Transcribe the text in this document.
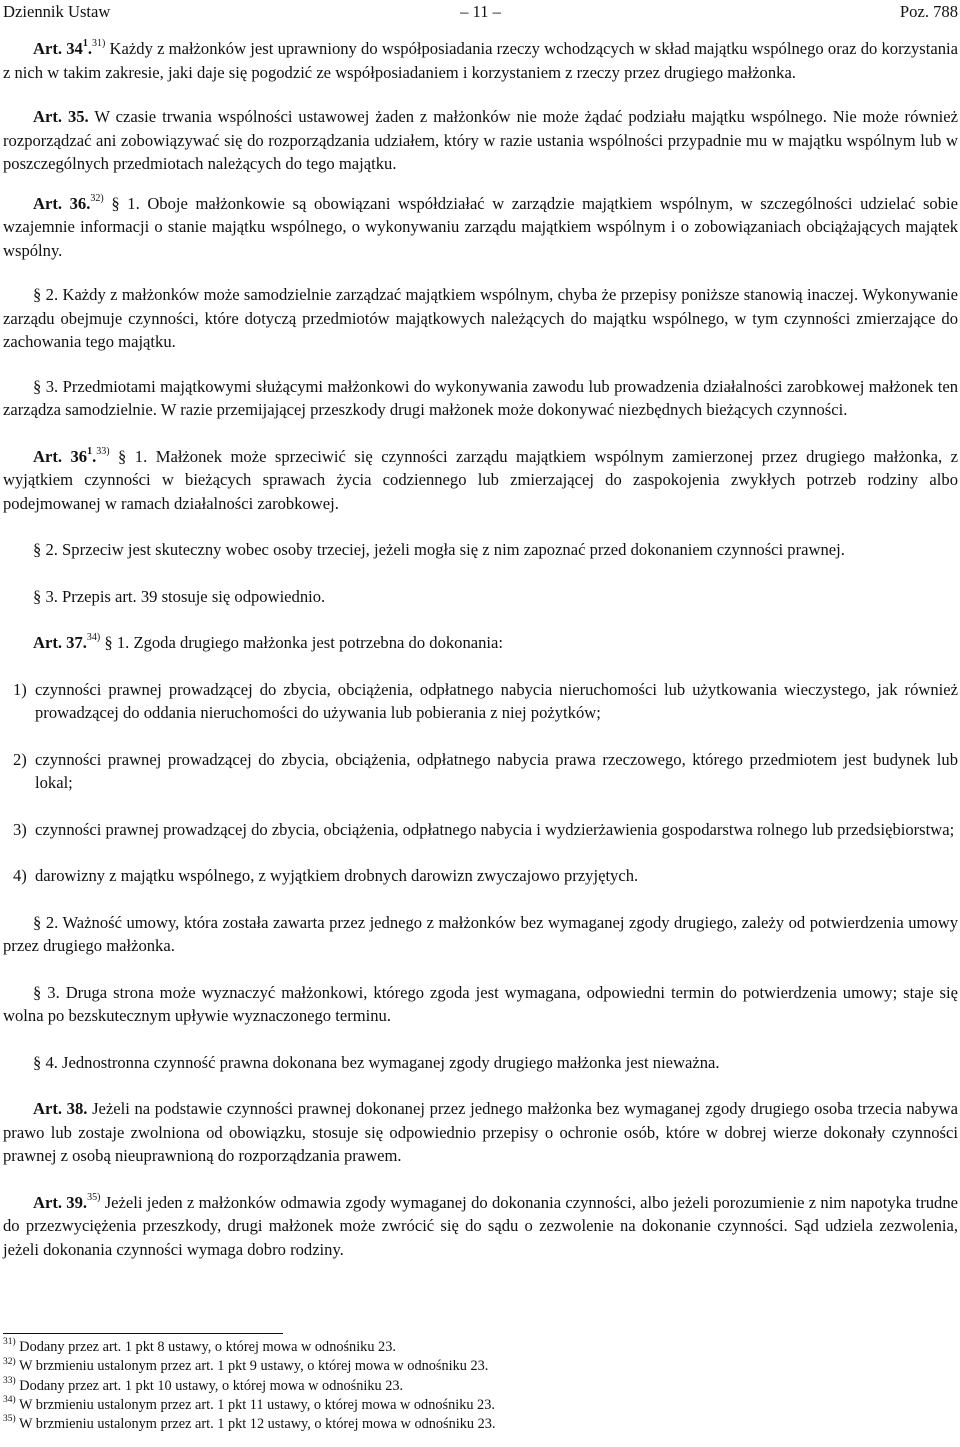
Dziennik Ustaw	– 11 –	Poz. 788

Art. $34^1.^{31)}$ Każdy z małżonków jest uprawniony do współposiadania rzeczy wchodzących w skład majątku wspólnego oraz do korzystania z nich w takim zakresie, jaki daje się pogodzić ze współposiadaniem i korzystaniem z rzeczy przez drugiego małżonka.

Art. 35. W czasie trwania wspólności ustawowej żaden z małżonków nie może żądać podziału majątku wspólnego. Nie może również rozporządzać ani zobowiązywać się do rozporządzania udziałem, który w razie ustania wspólności przypadnie mu w majątku wspólnym lub w poszczególnych przedmiotach należących do tego majątku.

Art. 36.$^{32)}$ § 1. Oboje małżonkowie są obowiązani współdziałać w zarządzie majątkiem wspólnym, w szczególności udzielać sobie wzajemnie informacji o stanie majątku wspólnego, o wykonywaniu zarządu majątkiem wspólnym i o zobowiązaniach obciążających majątek wspólny.

§ 2. Każdy z małżonków może samodzielnie zarządzać majątkiem wspólnym, chyba że przepisy poniższe stanowią inaczej. Wykonywanie zarządu obejmuje czynności, które dotyczą przedmiotów majątkowych należących do majątku wspólnego, w tym czynności zmierzające do zachowania tego majątku.

§ 3. Przedmiotami majątkowymi służącymi małżonkowi do wykonywania zawodu lub prowadzenia działalności zarobkowej małżonek ten zarządza samodzielnie. W razie przemijającej przeszkody drugi małżonek może dokonywać niezbędnych bieżących czynności.

Art. $36^1.^{33)}$ § 1. Małżonek może sprzeciwić się czynności zarządu majątkiem wspólnym zamierzonej przez drugiego małżonka, z wyjątkiem czynności w bieżących sprawach życia codziennego lub zmierzającej do zaspokojenia zwykłych potrzeb rodziny albo podejmowanej w ramach działalności zarobkowej.

§ 2. Sprzeciw jest skuteczny wobec osoby trzeciej, jeżeli mogła się z nim zapoznać przed dokonaniem czynności prawnej.

§ 3. Przepis art. 39 stosuje się odpowiednio.

Art. 37.$^{34)}$ § 1. Zgoda drugiego małżonka jest potrzebna do dokonania:

1) czynności prawnej prowadzącej do zbycia, obciążenia, odpłatnego nabycia nieruchomości lub użytkowania wieczystego, jak również prowadzącej do oddania nieruchomości do używania lub pobierania z niej pożytków;

2) czynności prawnej prowadzącej do zbycia, obciążenia, odpłatnego nabycia prawa rzeczowego, którego przedmiotem jest budynek lub lokal;

3) czynności prawnej prowadzącej do zbycia, obciążenia, odpłatnego nabycia i wydzierżawienia gospodarstwa rolnego lub przedsiębiorstwa;

4) darowizny z majątku wspólnego, z wyjątkiem drobnych darowizn zwyczajowo przyjętych.

§ 2. Ważność umowy, która została zawarta przez jednego z małżonków bez wymaganej zgody drugiego, zależy od potwierdzenia umowy przez drugiego małżonka.

§ 3. Druga strona może wyznaczyć małżonkowi, którego zgoda jest wymagana, odpowiedni termin do potwierdzenia umowy; staje się wolna po bezskutecznym upływie wyznaczonego terminu.

§ 4. Jednostronna czynność prawna dokonana bez wymaganej zgody drugiego małżonka jest nieważna.

Art. 38. Jeżeli na podstawie czynności prawnej dokonanej przez jednego małżonka bez wymaganej zgody drugiego osoba trzecia nabywa prawo lub zostaje zwolniona od obowiązku, stosuje się odpowiednio przepisy o ochronie osób, które w dobrej wierze dokonały czynności prawnej z osobą nieuprawnioną do rozporządzania prawem.

Art. 39.$^{35)}$ Jeżeli jeden z małżonków odmawia zgody wymaganej do dokonania czynności, albo jeżeli porozumienie z nim napotyka trudne do przezwyciężenia przeszkody, drugi małżonek może zwrócić się do sądu o zezwolenie na dokonanie czynności. Sąd udziela zezwolenia, jeżeli dokonania czynności wymaga dobro rodziny.

$^{31)}$ Dodany przez art. 1 pkt 8 ustawy, o której mowa w odnośniku 23.

$^{32)}$ W brzmieniu ustalonym przez art. 1 pkt 9 ustawy, o której mowa w odnośniku 23.

$^{33)}$ Dodany przez art. 1 pkt 10 ustawy, o której mowa w odnośniku 23.

$^{34)}$ W brzmieniu ustalonym przez art. 1 pkt 11 ustawy, o której mowa w odnośniku 23.

$^{35)}$ W brzmieniu ustalonym przez art. 1 pkt 12 ustawy, o której mowa w odnośniku 23.
